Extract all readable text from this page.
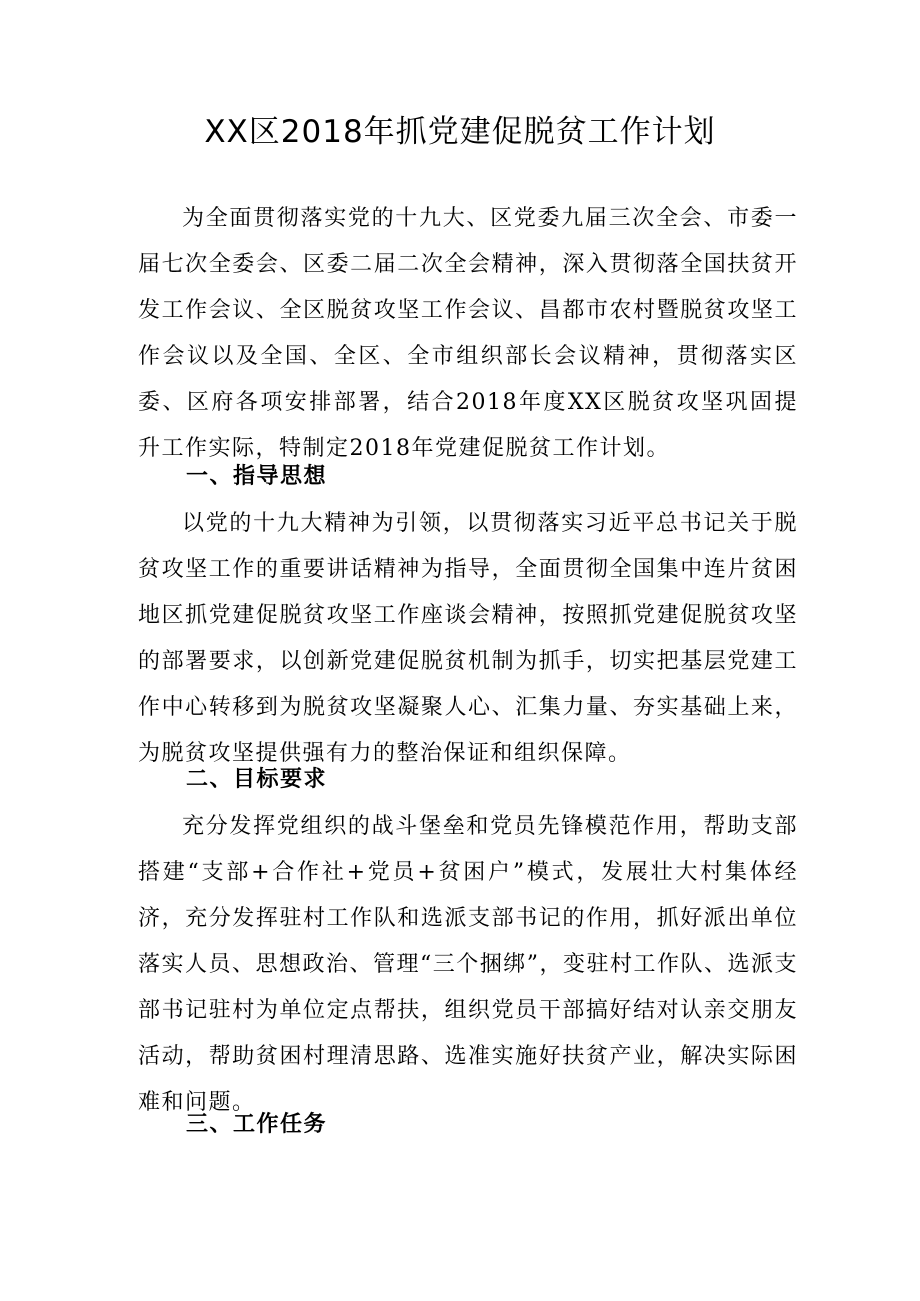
XX区2018年抓党建促脱贫工作计划

为全面贯彻落实党的十九大、区党委九届三次全会、市委一届七次全委会、区委二届二次全会精神，深入贯彻落全国扶贫开发工作会议、全区脱贫攻坚工作会议、昌都市农村暨脱贫攻坚工作会议以及全国、全区、全市组织部长会议精神，贯彻落实区委、区府各项安排部署，结合2018年度XX区脱贫攻坚巩固提升工作实际，特制定2018年党建促脱贫工作计划。

一、指导思想

以党的十九大精神为引领，以贯彻落实习近平总书记关于脱贫攻坚工作的重要讲话精神为指导，全面贯彻全国集中连片贫困地区抓党建促脱贫攻坚工作座谈会精神，按照抓党建促脱贫攻坚的部署要求，以创新党建促脱贫机制为抓手，切实把基层党建工作中心转移到为脱贫攻坚凝聚人心、汇集力量、夯实基础上来，为脱贫攻坚提供强有力的整治保证和组织保障。

二、目标要求

充分发挥党组织的战斗堡垒和党员先锋模范作用，帮助支部搭建“支部+合作社+党员+贫困户”模式，发展壮大村集体经济，充分发挥驻村工作队和选派支部书记的作用，抓好派出单位落实人员、思想政治、管理“三个捆绑”，变驻村工作队、选派支部书记驻村为单位定点帮扶，组织党员干部搞好结对认亲交朋友活动，帮助贫困村理清思路、选准实施好扶贫产业，解决实际困难和问题。

三、工作任务
